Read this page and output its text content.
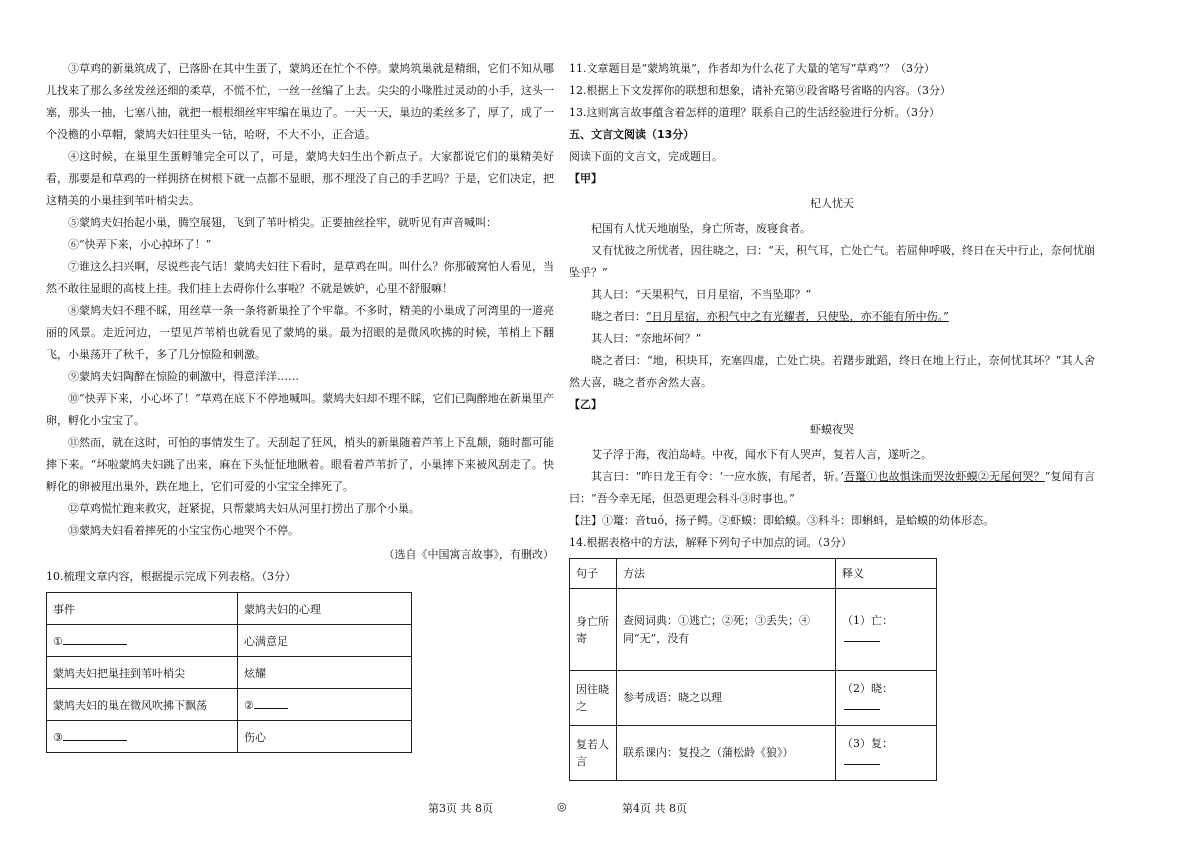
③草鸡的新巢筑成了，已落卧在其中生蛋了，蒙鸠还在忙个不停。蒙鸠筑巢就是精细，它们不知从哪儿找来了那么多丝发丝还细的柔草，不慌不忙，一丝一丝编了上去。尖尖的小喙胜过灵动的小手，这头一塞，那头一抽，七塞八抽，就把一根根细丝牢牢编在巢边了。一天一天，巢边的柔丝多了，厚了，成了一个没檐的小草帽，蒙鸠夫妇往里头一钻，哈呀，不大不小，正合适。

④这时候，在巢里生蛋孵雏完全可以了，可是，蒙鸠夫妇生出个新点子。大家都说它们的巢精美好看，那要是和草鸡的一样拥挤在树根下就一点都不显眼，那不埋没了自己的手艺吗？于是，它们决定，把这精美的小巢挂到苇叶梢尖去。

⑤蒙鸠夫妇抬起小巢，腾空展翅，飞到了苇叶梢尖。正要抽丝拴牢，就听见有声音喊叫：

⑥“快弄下来，小心掉坏了！”

⑦谁这么扫兴啊，尽说些丧气话！蒙鸠夫妇往下看时，是草鸡在叫。叫什么？你那破窝怕人看见，当然不敢往显眼的高枝上挂。我们挂上去碍你什么事啦？不就是嫉妒，心里不舒服嘛！

⑧蒙鸠夫妇不理不睬，用丝草一条一条将新巢拴了个牢靠。不多时，精美的小巢成了河湾里的一道亮丽的风景。走近河边，一望见芦苇梢也就看见了蒙鸠的巢。最为招眼的是微风吹拂的时候，苇梢上下翻飞，小巢荡开了秋千，多了几分惊险和刺激。

⑨蒙鸠夫妇陶醉在惊险的刺激中，得意洋洋……

⑩“快弄下来，小心坏了！”草鸡在底下不停地喊叫。蒙鸠夫妇却不理不睬，它们已陶醉地在新巢里产卵，孵化小宝宝了。

⑪然而，就在这时，可怕的事情发生了。天刮起了狂风，梢头的新巢随着芦苇上下乱颠，随时都可能摔下来。“坏啦蒙鸠夫妇跳了出来，麻在下头怔怔地瞅着。眼看着芦苇折了，小巢摔下来被风刮走了。快孵化的卵被甩出巢外，跌在地上，它们可爱的小宝宝全摔死了。

⑫草鸡慌忙跑来救灾，赶紧捉，只帮蒙鸠夫妇从河里打捞出了那个小巢。

⑬蒙鸠夫妇看着摔死的小宝宝伤心地哭个不停。

（选自《中国寓言故事》，有删改）

10.梳理文章内容，根据提示完成下列表格。（3分）

事件	蒙鸠夫妇的心理
①	心满意足
蒙鸠夫妇把巢挂到苇叶梢尖	炫耀
蒙鸠夫妇的巢在微风吹拂下飘荡	②
③	伤心

11.文章题目是“蒙鸠筑巢”，作者却为什么花了大量的笔写“草鸡”？（3分）

12.根据上下文发挥你的联想和想象，请补充第⑨段省略号省略的内容。（3分）

13.这则寓言故事蕴含着怎样的道理？联系自己的生活经验进行分析。（3分）

五、文言文阅读（13分）

阅读下面的文言文，完成题目。

【甲】

杞人忧天

杞国有人忧天地崩坠，身亡所寄，废寝食者。

又有忧彼之所忧者，因往晓之，曰：“天，积气耳，亡处亡气。若屈伸呼吸，终日在天中行止，奈何忧崩坠乎？”

其人曰：“天果积气，日月星宿，不当坠耶？”

晓之者曰：“日月星宿，亦积气中之有光耀者，只使坠，亦不能有所中伤。”

其人曰：“奈地坏何？”

晓之者曰：“地，积块耳，充塞四虚，亡处亡块。若躇步跐蹈，终日在地上行止，奈何忧其坏？”其人舍然大喜，晓之者亦舍然大喜。

【乙】

虾蟆夜哭

艾子浮于海，夜泊岛峙。中夜，闻水下有人哭声，复若人言，遂听之。

其言曰：“昨日龙王有令：‘一应水族，有尾者，斩。’吾鼍①也故惧诛而哭汝虾蟆②无尾何哭？”复闻有言曰：“吾今幸无尾，但恐更理会科斗③时事也。”

【注】①鼍：音tuó，扬子鳄。②虾蟆：即蛤蟆。③科斗：即蝌蚪，是蛤蟆的幼体形态。

14.根据表格中的方法，解释下列句子中加点的词。（3分）

句子	方法	释义
身亡所寄	查阅词典：①逃亡；②死；③丢失；④同“无”，没有	（1）亡：
因往晓之	参考成语：晓之以理	（2）晓：
复若人言	联系课内：复投之（蒲松龄《狼》）	（3）复：
第3页 共 8页	◎	第4页 共 8页
